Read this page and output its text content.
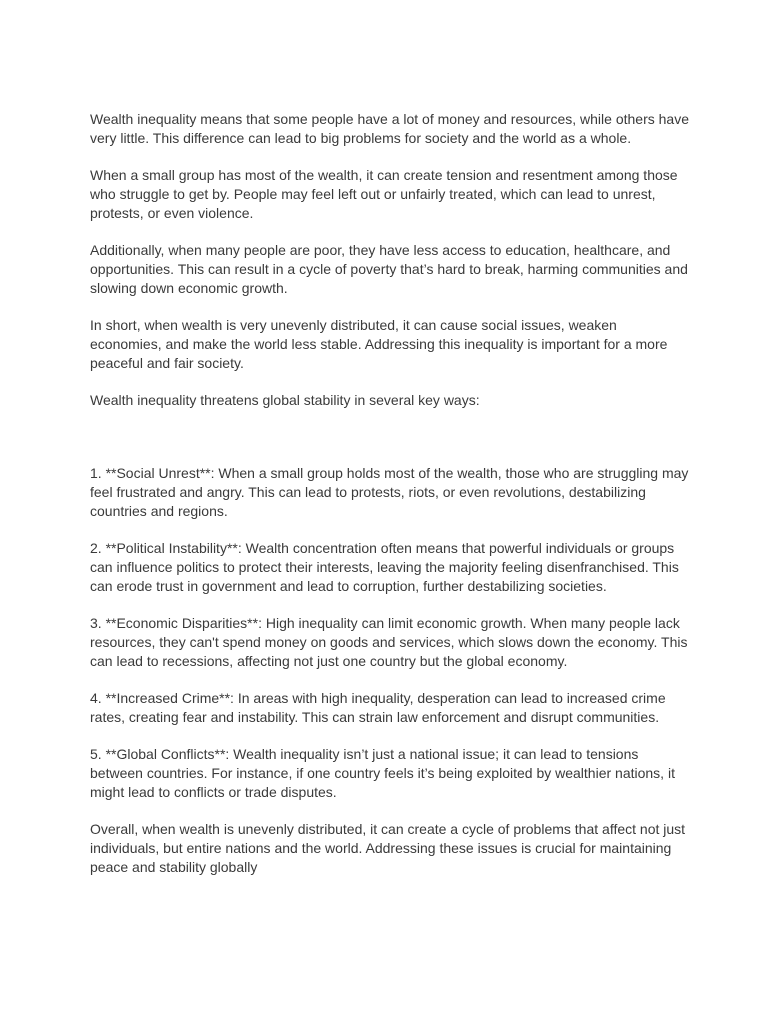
Wealth inequality means that some people have a lot of money and resources, while others have very little. This difference can lead to big problems for society and the world as a whole.

When a small group has most of the wealth, it can create tension and resentment among those who struggle to get by. People may feel left out or unfairly treated, which can lead to unrest, protests, or even violence.

Additionally, when many people are poor, they have less access to education, healthcare, and opportunities. This can result in a cycle of poverty that’s hard to break, harming communities and slowing down economic growth.

In short, when wealth is very unevenly distributed, it can cause social issues, weaken economies, and make the world less stable. Addressing this inequality is important for a more peaceful and fair society.

Wealth inequality threatens global stability in several key ways:

1. **Social Unrest**: When a small group holds most of the wealth, those who are struggling may feel frustrated and angry. This can lead to protests, riots, or even revolutions, destabilizing countries and regions.

2. **Political Instability**: Wealth concentration often means that powerful individuals or groups can influence politics to protect their interests, leaving the majority feeling disenfranchised. This can erode trust in government and lead to corruption, further destabilizing societies.

3. **Economic Disparities**: High inequality can limit economic growth. When many people lack resources, they can't spend money on goods and services, which slows down the economy. This can lead to recessions, affecting not just one country but the global economy.

4. **Increased Crime**: In areas with high inequality, desperation can lead to increased crime rates, creating fear and instability. This can strain law enforcement and disrupt communities.

5. **Global Conflicts**: Wealth inequality isn’t just a national issue; it can lead to tensions between countries. For instance, if one country feels it’s being exploited by wealthier nations, it might lead to conflicts or trade disputes.

Overall, when wealth is unevenly distributed, it can create a cycle of problems that affect not just individuals, but entire nations and the world. Addressing these issues is crucial for maintaining peace and stability globally
